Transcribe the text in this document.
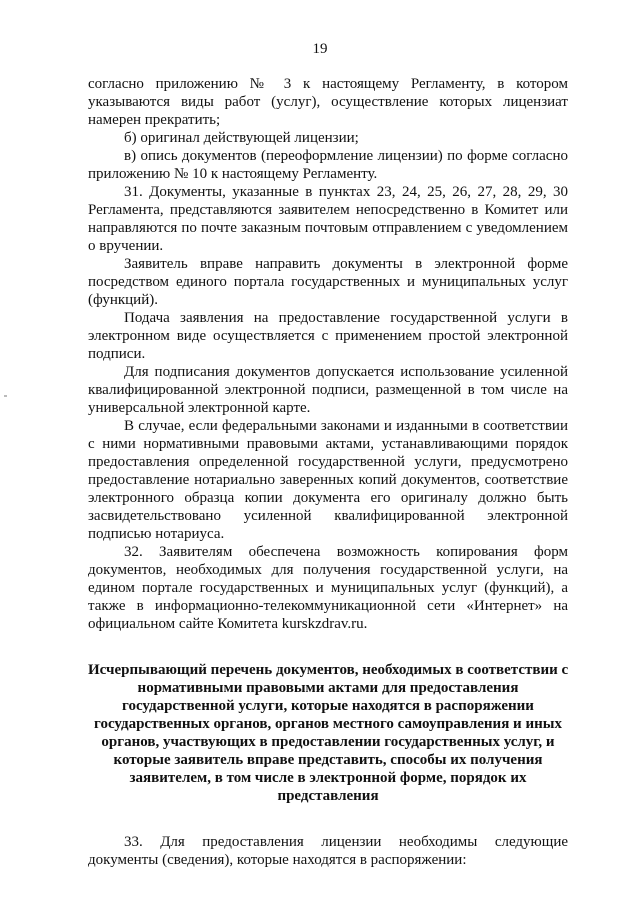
19
согласно приложению № 3 к настоящему Регламенту, в котором
указываются виды работ (услуг), осуществление которых лицензиат
намерен прекратить;
б) оригинал действующей лицензии;
в) опись документов (переоформление лицензии) по форме согласно
приложению № 10 к настоящему Регламенту.
31. Документы, указанные в пунктах 23, 24, 25, 26, 27, 28, 29, 30
Регламента, представляются заявителем непосредственно в Комитет или
направляются по почте заказным почтовым отправлением с уведомлением
о вручении.
Заявитель вправе направить документы в электронной форме
посредством единого портала государственных и муниципальных услуг
(функций).
Подача заявления на предоставление государственной услуги в
электронном виде осуществляется с применением простой электронной
подписи.
Для подписания документов допускается использование усиленной
квалифицированной электронной подписи, размещенной в том числе на
универсальной электронной карте.
В случае, если федеральными законами и изданными в соответствии
с ними нормативными правовыми актами, устанавливающими порядок
предоставления определенной государственной услуги, предусмотрено
предоставление нотариально заверенных копий документов, соответствие
электронного образца копии документа его оригиналу должно быть
засвидетельствовано усиленной квалифицированной электронной
подписью нотариуса.
32. Заявителям обеспечена возможность копирования форм
документов, необходимых для получения государственной услуги, на
едином портале государственных и муниципальных услуг (функций), а
также в информационно-телекоммуникационной сети «Интернет» на
официальном сайте Комитета kurskzdrav.ru.
Исчерпывающий перечень документов, необходимых в соответствии с
нормативными правовыми актами для предоставления
государственной услуги, которые находятся в распоряжении
государственных органов, органов местного самоуправления и иных
органов, участвующих в предоставлении государственных услуг, и
которые заявитель вправе представить, способы их получения
заявителем, в том числе в электронной форме, порядок их
представления
33. Для предоставления лицензии необходимы следующие
документы (сведения), которые находятся в распоряжении:
